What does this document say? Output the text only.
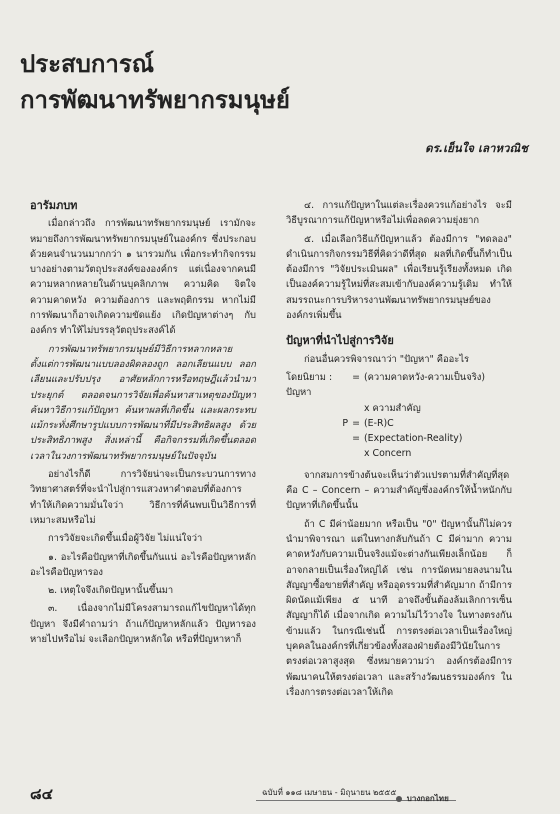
ประสบการณ์
การพัฒนาทรัพยากรมนุษย์
ดร.เย็นใจ เลาหวณิช
อารัมภบท

เมื่อกล่าวถึง การพัฒนาทรัพยากรมนุษย์ เรามักจะหมายถึงการพัฒนาทรัพยากรมนุษย์ในองค์กร ซึ่งประกอบด้วยคนจำนวนมากกว่า ๑ นารวมกัน เพื่อกระทำกิจกรรมบางอย่างตามวัตถุประสงค์ขององค์กร แต่เนื่องจากคนมีความหลากหลายในด้านบุคลิกภาพ ความคิด จิตใจ ความคาดหวัง ความต้องการ และพฤติกรรม หากไม่มีการพัฒนาก็อาจเกิดความขัดแย้ง เกิดปัญหาต่างๆ กับองค์กร ทำให้ไม่บรรลุวัตถุประสงค์ได้

การพัฒนาทรัพยากรมนุษย์มีวิธีการหลากหลาย ตั้งแต่การพัฒนาแบบลองผิดลองถูก ลอกเลียนแบบ ลอกเลียนและปรับปรุง อาศัยหลักการหรือทฤษฎีแล้วนำมาประยุกต์ ตลอดจนการวิจัยเพื่อค้นหาสาเหตุของปัญหา ค้นหาวิธีการแก้ปัญหา ค้นหาผลที่เกิดขึ้น และผลกระทบ แม้กระทั่งศึกษารูปแบบการพัฒนาที่มีประสิทธิผลสูง ด้วยประสิทธิภาพสูง สิ่งเหล่านี้ คือกิจกรรมที่เกิดขึ้นตลอดเวลาในวงการพัฒนาทรัพยากรมนุษย์ในปัจจุบัน

อย่างไรก็ดี การวิจัยน่าจะเป็นกระบวนการทางวิทยาศาสตร์ที่จะนำไปสู่การแสวงหาคำตอบที่ต้องการ ทำให้เกิดความมั่นใจว่า วิธีการที่ค้นพบเป็นวิธีการที่เหมาะสมหรือไม่

การวิจัยจะเกิดขึ้นเมื่อผู้วิจัย ไม่แน่ใจว่า

๑. อะไรคือปัญหาที่เกิดขึ้นกันแน่ อะไรคือปัญหาหลัก อะไรคือปัญหารอง

๒. เหตุใจจึงเกิดปัญหานั้นขึ้นมา

๓. เนื่องจากไม่มีโครงสามารถแก้ไขปัญหาได้ทุกปัญหา จึงมีคำถามว่า ถ้าแก้ปัญหาหลักแล้ว ปัญหารองหายไปหรือไม่ จะเลือกปัญหาหลักใด หรือที่ปัญหาหาก็

๔. การแก้ปัญหาในแต่ละเรื่องควรแก้อย่างไร จะมีวิธีบูรณาการแก้ปัญหาหรือไม่เพื่อลดความยุ่งยาก

๕. เมื่อเลือกวิธีแก้ปัญหาแล้ว ต้องมีการ "ทดลอง" ดำเนินการกิจกรรมวิธีที่คิดว่าดีที่สุด ผลที่เกิดขึ้นก็ทำเป็นต้องมีการ "วิจัยประเมินผล" เพื่อเรียนรู้เรียงทั้งหมด เกิดเป็นองค์ความรู้ใหม่ที่สะสมเข้ากับองค์ความรู้เดิม ทำให้สมรรถนะการบริหารงานพัฒนาทรัพยากรมนุษย์ขององค์กรเพิ่มขึ้น

ปัญหาที่นำไปสู่การวิจัย

ก่อนอื่นควรพิจารณาว่า "ปัญหา" คืออะไร

โดยนิยาม : ปัญหา
= (ความคาดหวัง-ความเป็นจริง)
x ความสำคัญ
P = (E-R)C
= (Expectation-Reality)
x Concern

จากสมการข้างต้นจะเห็นว่าตัวแปรตามที่สำคัญที่สุด คือ C – Concern – ความสำคัญซึ่งองค์กรให้น้ำหนักกับปัญหาที่เกิดขึ้นนั้น

ถ้า C มีค่าน้อยมาก หรือเป็น "0" ปัญหานั้นก็ไม่ควรนำมาพิจารณา แต่ในทางกลับกันถ้า C มีค่ามาก ความคาดหวังกับความเป็นจริงแม้จะต่างกันเพียงเล็กน้อย ก็อาจกลายเป็นเรื่องใหญ่ได้ เช่น การนัดหมายลงนามในสัญญาซื้อขายที่สำคัญ หรืออุดรรวมที่สำคัญมาก ถ้ามีการผิดนัดแม้เพียง ๕ นาที อาจถึงขั้นต้องล้มเลิกการเซ็นสัญญาก็ได้ เมื่อจากเกิด ความไม่ไว้วางใจ ในทางตรงกันข้ามแล้ว ในกรณีเช่นนี้ การตรงต่อเวลาเป็นเรื่องใหญ่ บุคคลในองค์กรที่เกี่ยวข้องทั้งสองฝ่ายต้องมีวินัยในการตรงต่อเวลาสูงสุด ซึ่งหมายความว่า องค์กรต้องมีการพัฒนาคนให้ตรงต่อเวลา และสร้างวัฒนธรรมองค์กร ในเรื่องการตรงต่อเวลาให้เกิด

๘๔	ฉบับที่ ๑๑๘ เมษายน - มิถุนายน ๒๕๕๕
บางกอกไทย
